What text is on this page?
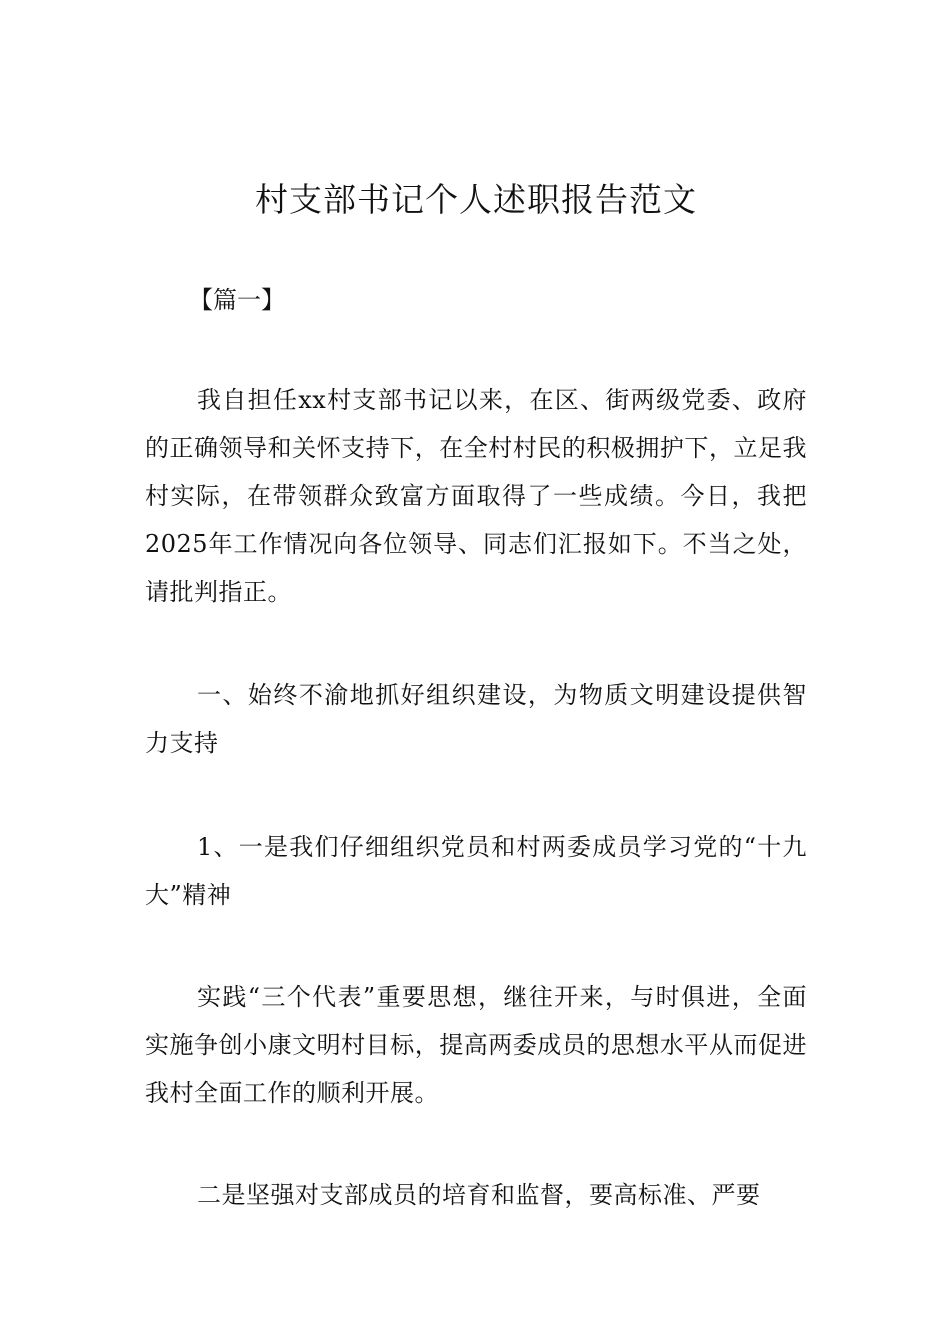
村支部书记个人述职报告范文

【篇一】

我自担任xx村支部书记以来，在区、街两级党委、政府的正确领导和关怀支持下，在全村村民的积极拥护下，立足我村实际，在带领群众致富方面取得了一些成绩。今日，我把2025年工作情况向各位领导、同志们汇报如下。不当之处，请批判指正。

一、始终不渝地抓好组织建设，为物质文明建设提供智力支持

1、一是我们仔细组织党员和村两委成员学习党的“十九大”精神

实践“三个代表”重要思想，继往开来，与时俱进，全面实施争创小康文明村目标，提高两委成员的思想水平从而促进我村全面工作的顺利开展。

二是坚强对支部成员的培育和监督，要高标准、严要
